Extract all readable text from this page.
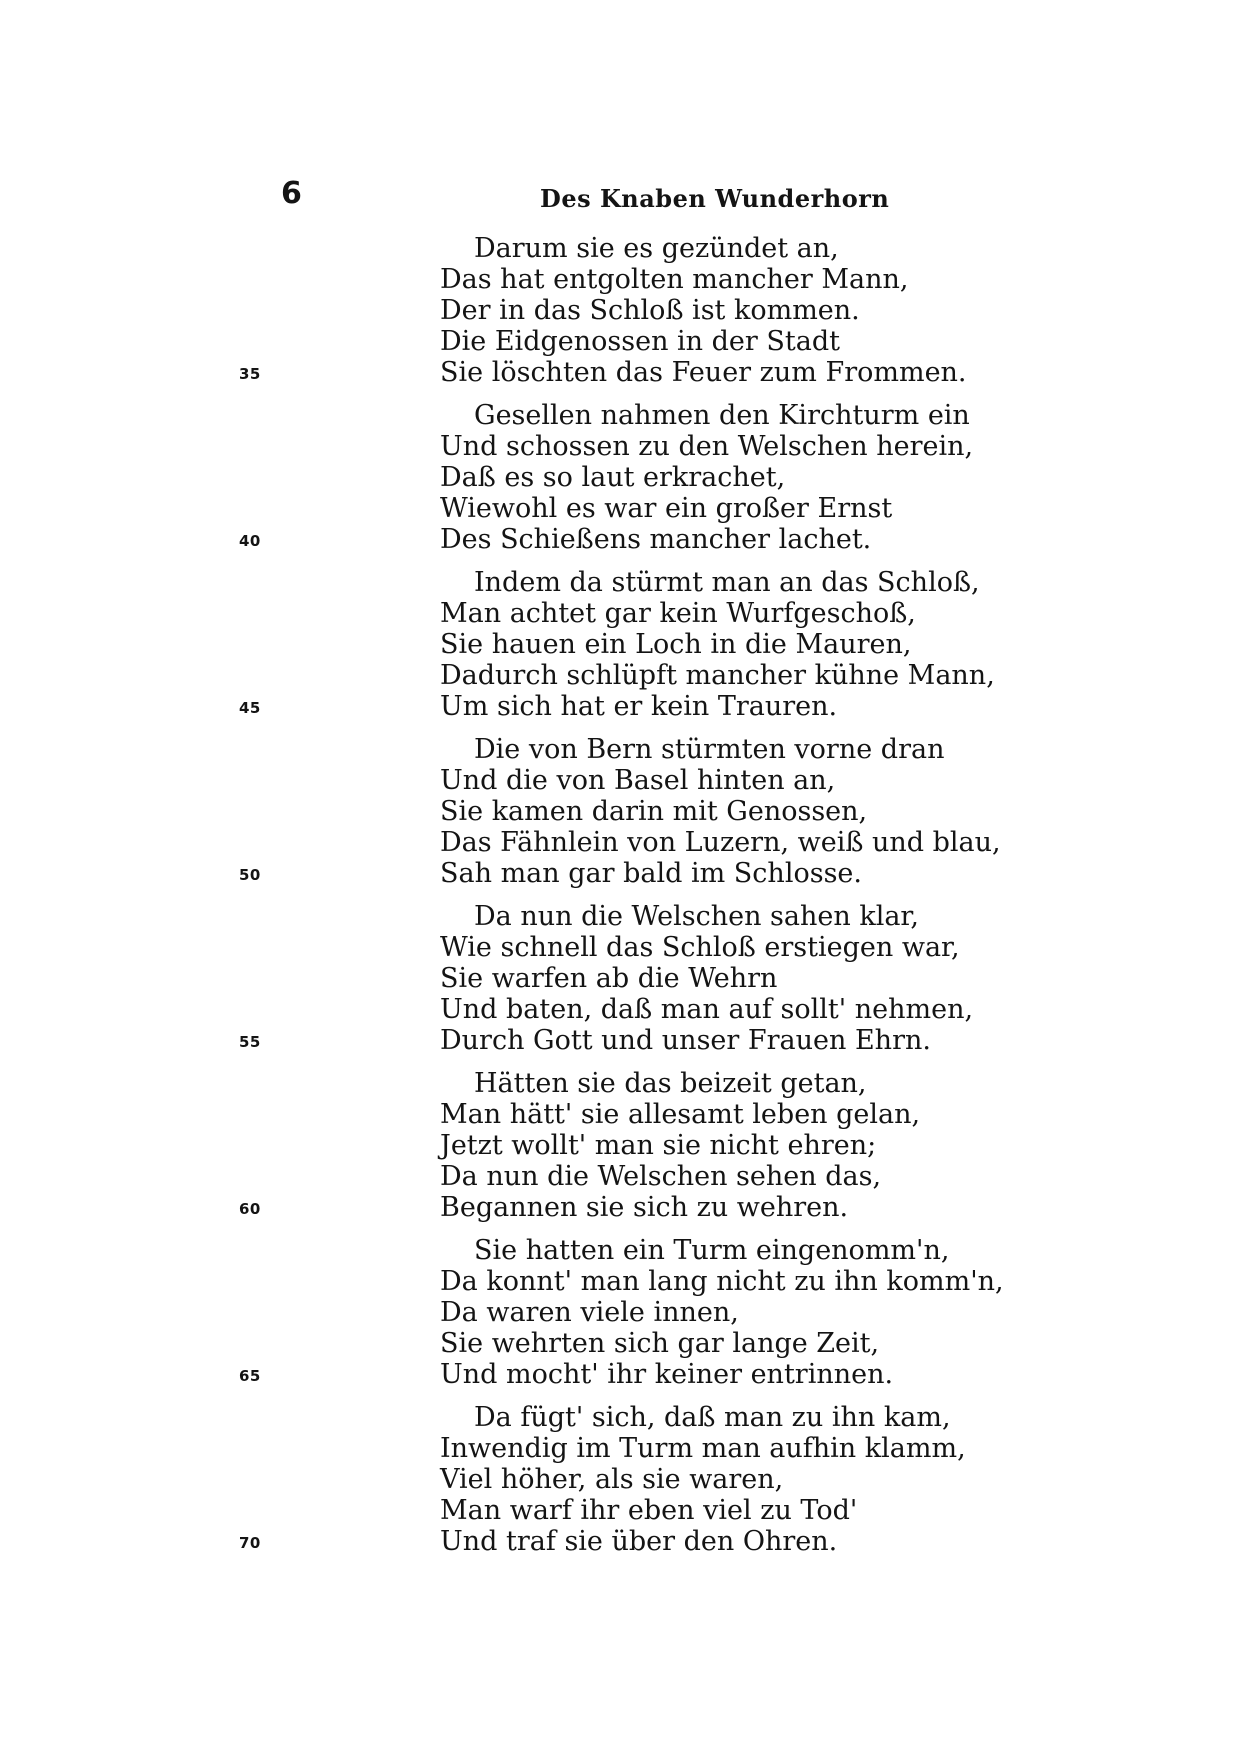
6	Des Knaben Wunderhorn
Darum sie es gezündet an,
Das hat entgolten mancher Mann,
Der in das Schloß ist kommen.
Die Eidgenossen in der Stadt
35	Sie löschten das Feuer zum Frommen.
Gesellen nahmen den Kirchturm ein
Und schossen zu den Welschen herein,
Daß es so laut erkrachet,
Wiewohl es war ein großer Ernst
40	Des Schießens mancher lachet.
Indem da stürmt man an das Schloß,
Man achtet gar kein Wurfgeschoß,
Sie hauen ein Loch in die Mauren,
Dadurch schlüpft mancher kühne Mann,
45	Um sich hat er kein Trauren.
Die von Bern stürmten vorne dran
Und die von Basel hinten an,
Sie kamen darin mit Genossen,
Das Fähnlein von Luzern, weiß und blau,
50	Sah man gar bald im Schlosse.
Da nun die Welschen sahen klar,
Wie schnell das Schloß erstiegen war,
Sie warfen ab die Wehrn
Und baten, daß man auf sollt' nehmen,
55	Durch Gott und unser Frauen Ehrn.
Hätten sie das beizeit getan,
Man hätt' sie allesamt leben gelan,
Jetzt wollt' man sie nicht ehren;
Da nun die Welschen sehen das,
60	Begannen sie sich zu wehren.
Sie hatten ein Turm eingenomm'n,
Da konnt' man lang nicht zu ihn komm'n,
Da waren viele innen,
Sie wehrten sich gar lange Zeit,
65	Und mocht' ihr keiner entrinnen.
Da fügt' sich, daß man zu ihn kam,
Inwendig im Turm man aufhin klamm,
Viel höher, als sie waren,
Man warf ihr eben viel zu Tod'
70	Und traf sie über den Ohren.
